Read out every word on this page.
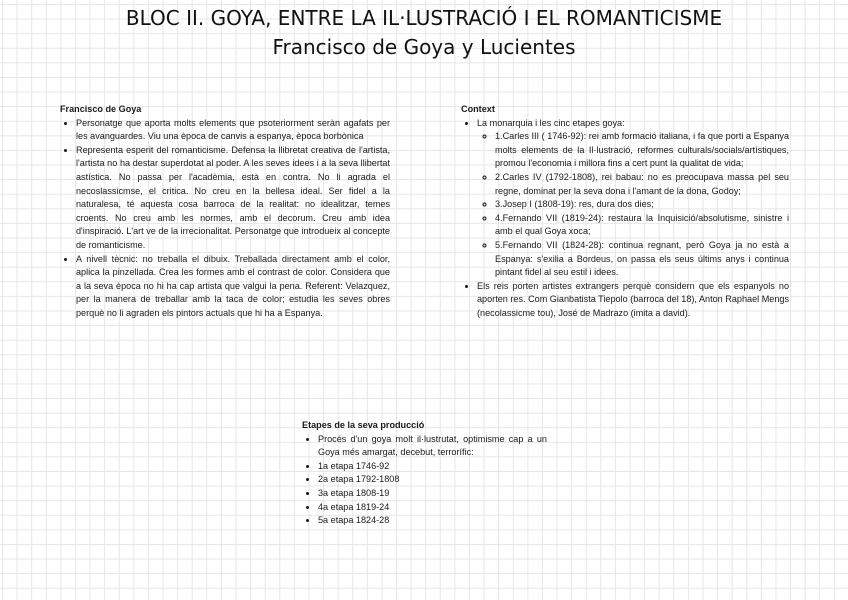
BLOC II. GOYA, ENTRE LA IL·LUSTRACIÓ I EL ROMANTICISME
Francisco de Goya y Lucientes
Francisco de Goya
• Personatge que aporta molts elements que psoteriorment seràn agafats per les avanguardes. Viu una època de canvis a espanya, època borbònica
• Representa esperit del romanticisme. Defensa la llibretat creativa de l'artista, l'artista no ha destar superdotat al poder. A les seves idees i a la seva llibertat astística. No passa per l'acadèmia, està en contra. No li agrada el necoslassicmse, el critica. No creu en la bellesa ideal. Ser fidel a la naturalesa, té aquesta cosa barroca de la realitat: no idealitzar, temes croents. No creu amb les normes, amb el decorum. Creu amb idea d'inspiració. L'art ve de la irrecionalitat. Personatge que introdueix al concepte de romanticisme.
• A nivell tècnic: no treballa el dibuix. Treballada directament amb el color, aplica la pinzellada. Crea les formes amb el contrast de color. Considera que a la seva època no hi ha cap artista que valgui la pena. Referent: Velazquez, per la manera de treballar amb la taca de color; estudia les seves obres perquè no li agraden els pintors actuals que hi ha a Espanya.
Context
• La monarquia i les cinc etapes goya:
◦ 1.Carles III ( 1746-92): rei amb formació italiana, i fa que porti a Espanya molts elements de la Il·lustració, reformes culturals/socials/artístiques, promou l'economia i millora fins a cert punt la qualitat de vida;
◦ 2.Carles IV (1792-1808), rei babau: no es preocupava massa pel seu regne, dominat per la seva dona i l'amant de la dona, Godoy;
◦ 3.Josep I (1808-19): res, dura dos dies;
◦ 4.Fernando VII (1819-24): restaura la Inquisició/absolutisme, sinistre i amb el qual Goya xoca;
◦ 5.Fernando VII (1824-28): continua regnant, però Goya ja no està a Espanya: s'exilia a Bordeus, on passa els seus últims anys i continua pintant fidel al seu estil i idees.
• Els reis porten artistes extrangers perquè considern que els espanyols no aporten res. Com Gianbatista Tiepolo (barroca del 18), Anton Raphael Mengs (necolassicme tou), José de Madrazo (imita a david).
Etapes de la seva producció
• Procés d'un goya molt il·lustrutat, optimisme cap a un Goya més amargat, decebut, terrorífic:
• 1a etapa 1746-92
• 2a etapa 1792-1808
• 3a etapa 1808-19
• 4a etapa 1819-24
• 5a etapa 1824-28
